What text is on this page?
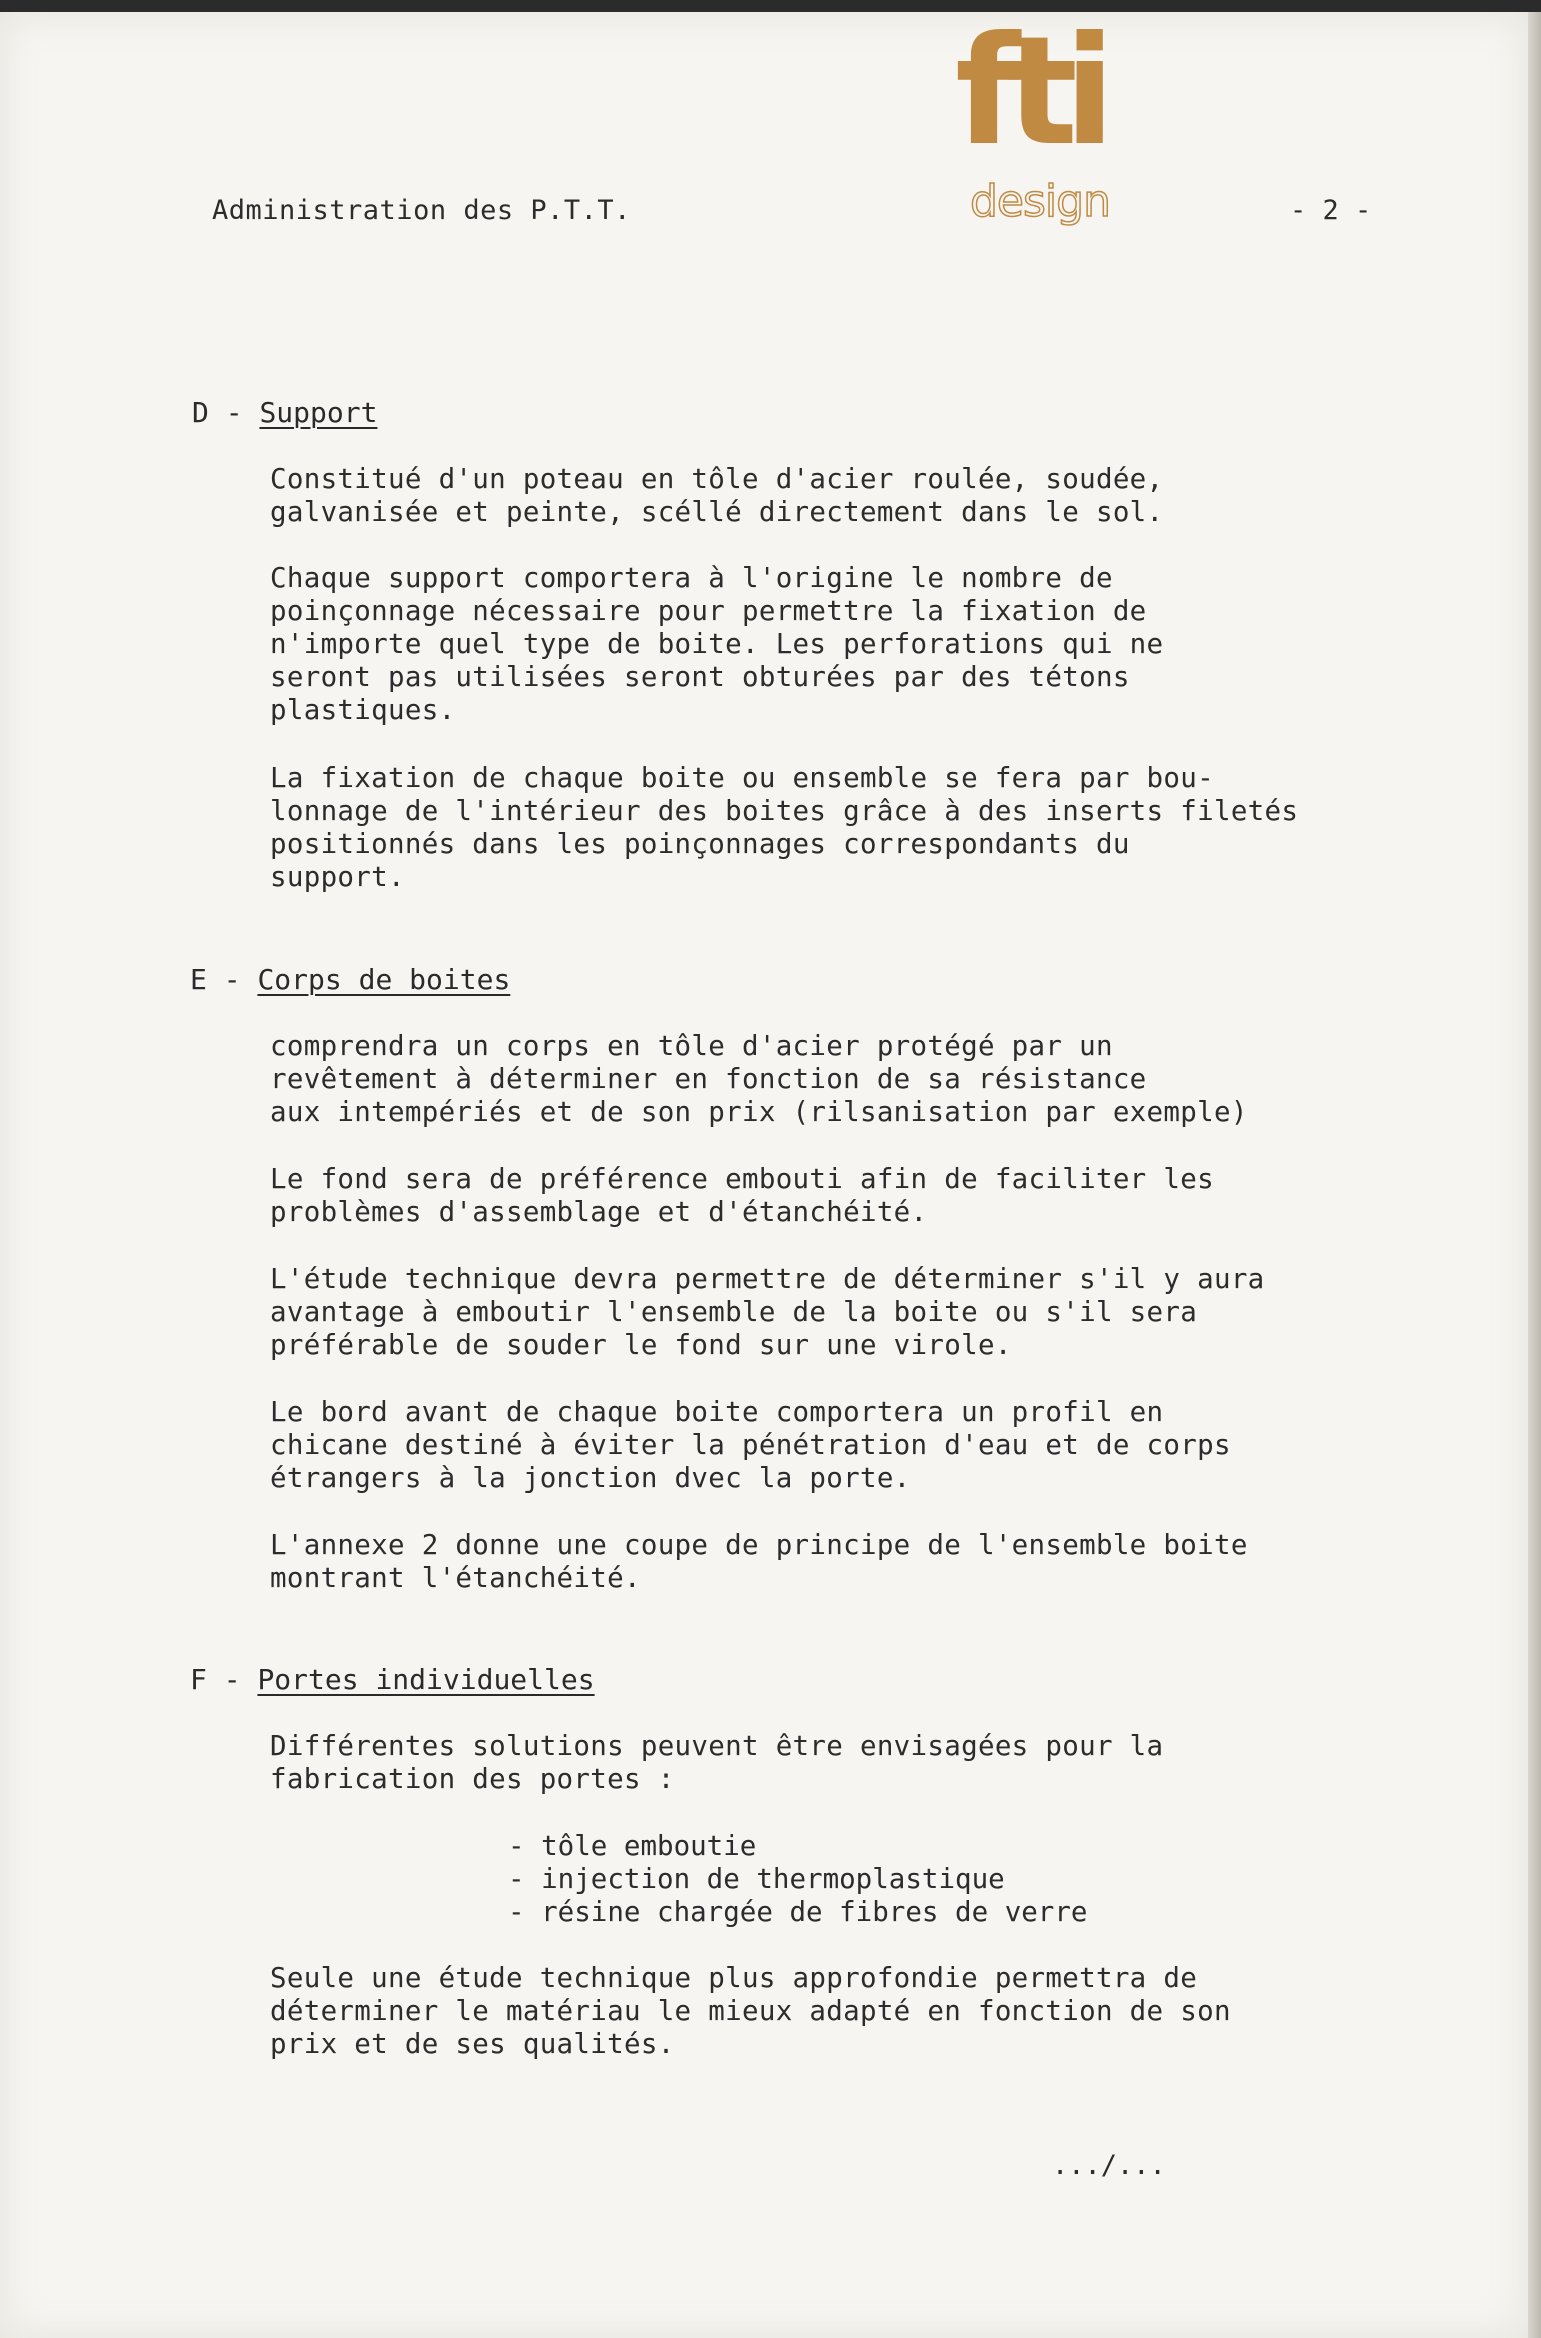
Administration des P.T.T.
fti
design	- 2 -
D - Support
Constitué d'un poteau en tôle d'acier roulée, soudée,
galvanisée et peinte, scéllé directement dans le sol.
Chaque support comportera à l'origine le nombre de
poinçonnage nécessaire pour permettre la fixation de
n'importe quel type de boite. Les perforations qui ne
seront pas utilisées seront obturées par des tétons
plastiques.
La fixation de chaque boite ou ensemble se fera par bou-
lonnage de l'intérieur des boites grâce à des inserts filetés
positionnés dans les poinçonnages correspondants du
support.
E - Corps de boites
comprendra un corps en tôle d'acier protégé par un
revêtement à déterminer en fonction de sa résistance
aux intempériés et de son prix (rilsanisation par exemple)
Le fond sera de préférence embouti afin de faciliter les
problèmes d'assemblage et d'étanchéité.
L'étude technique devra permettre de déterminer s'il y aura
avantage à emboutir l'ensemble de la boite ou s'il sera
préférable de souder le fond sur une virole.
Le bord avant de chaque boite comportera un profil en
chicane destiné à éviter la pénétration d'eau et de corps
étrangers à la jonction dvec la porte.
L'annexe 2 donne une coupe de principe de l'ensemble boite
montrant l'étanchéité.
F - Portes individuelles
Différentes solutions peuvent être envisagées pour la
fabrication des portes :
- tôle emboutie
- injection de thermoplastique
- résine chargée de fibres de verre
Seule une étude technique plus approfondie permettra de
déterminer le matériau le mieux adapté en fonction de son
prix et de ses qualités.
.../...
